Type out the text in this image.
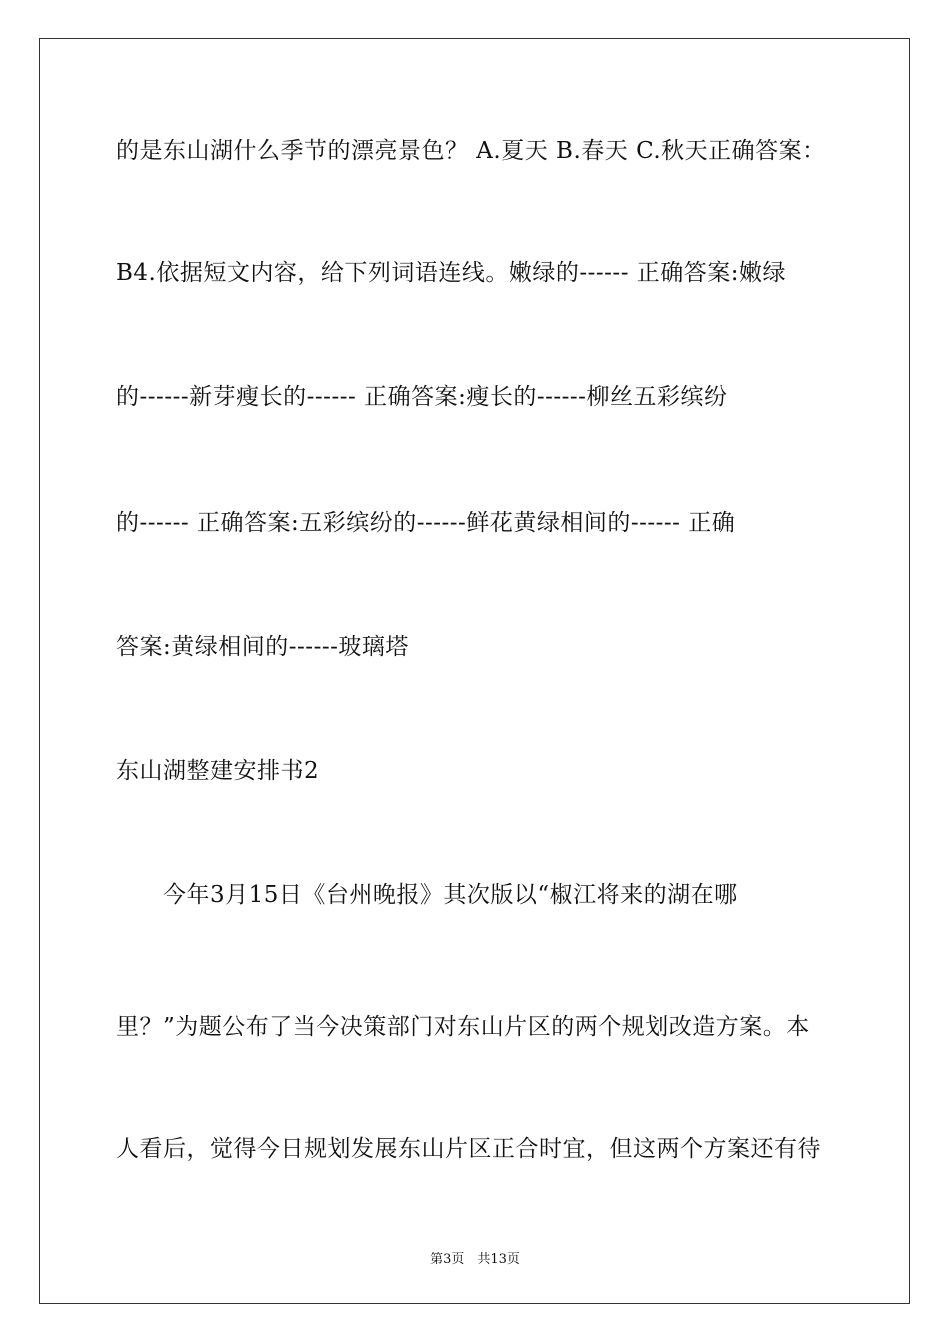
的是东山湖什么季节的漂亮景色？ A.夏天 B.春天 C.秋天正确答案：
B4.依据短文内容，给下列词语连线。嫩绿的------ 正确答案:嫩绿
的------新芽瘦长的------ 正确答案:瘦长的------柳丝五彩缤纷
的------ 正确答案:五彩缤纷的------鲜花黄绿相间的------ 正确
答案:黄绿相间的------玻璃塔
东山湖整建安排书2
　　今年3月15日《台州晚报》其次版以“椒江将来的湖在哪
里？”为题公布了当今决策部门对东山片区的两个规划改造方案。本
人看后，觉得今日规划发展东山片区正合时宜，但这两个方案还有待
第3页　共13页
